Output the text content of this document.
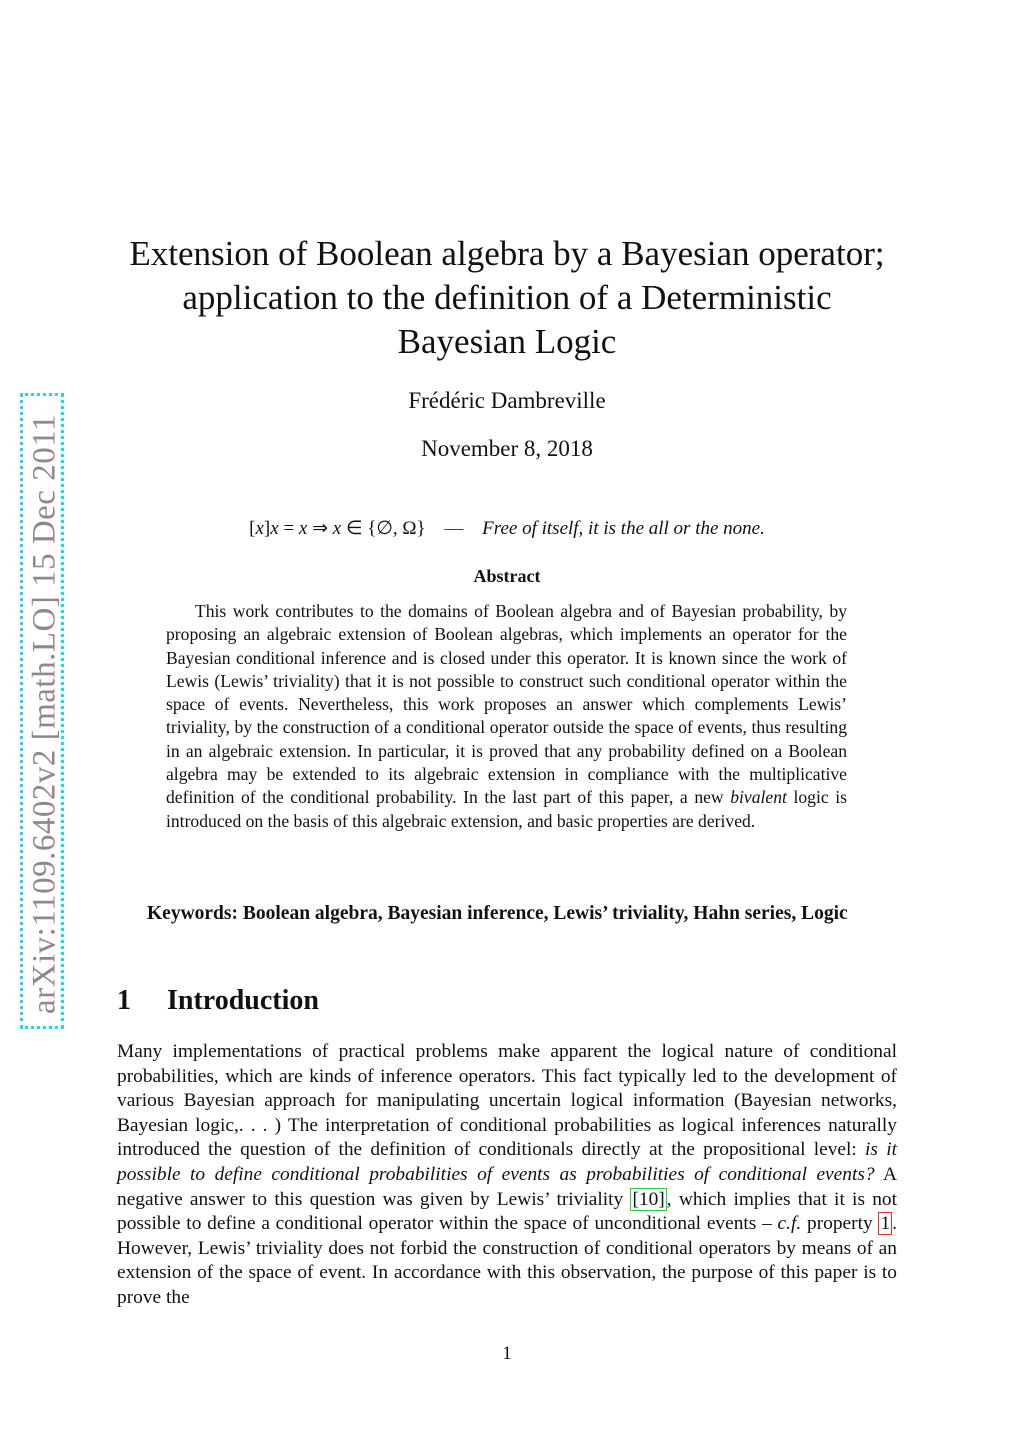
arXiv:1109.6402v2 [math.LO] 15 Dec 2011
Extension of Boolean algebra by a Bayesian operator;
application to the definition of a Deterministic
Bayesian Logic
Frédéric Dambreville
November 8, 2018
[x]x = x ⇒ x ∈ {∅, Ω} — Free of itself, it is the all or the none.
Abstract

This work contributes to the domains of Boolean algebra and of Bayesian probability, by proposing an algebraic extension of Boolean algebras, which implements an operator for the Bayesian conditional inference and is closed under this operator. It is known since the work of Lewis (Lewis’ triviality) that it is not possible to construct such conditional operator within the space of events. Nevertheless, this work proposes an answer which complements Lewis’ triviality, by the construction of a conditional operator outside the space of events, thus resulting in an algebraic extension. In particular, it is proved that any probability defined on a Boolean algebra may be extended to its algebraic extension in compliance with the multiplicative definition of the conditional probability. In the last part of this paper, a new bivalent logic is introduced on the basis of this algebraic extension, and basic properties are derived.

Keywords: Boolean algebra, Bayesian inference, Lewis’ triviality, Hahn series, Logic

1 Introduction

Many implementations of practical problems make apparent the logical nature of conditional probabilities, which are kinds of inference operators. This fact typically led to the development of various Bayesian approach for manipulating uncertain logical information (Bayesian networks, Bayesian logic,. . . ) The interpretation of conditional probabilities as logical inferences naturally introduced the question of the definition of conditionals directly at the propositional level: is it possible to define conditional probabilities of events as probabilities of conditional events? A negative answer to this question was given by Lewis’ triviality [10] , which implies that it is not possible to define a conditional operator within the space of unconditional events – c.f. property 1 . However, Lewis’ triviality does not forbid the construction of conditional operators by means of an extension of the space of event. In accordance with this observation, the purpose of this paper is to prove the

1
